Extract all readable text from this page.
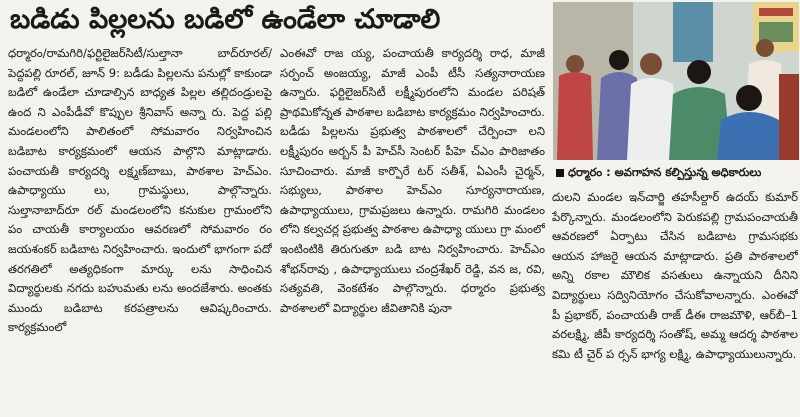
బడిడు పిల్లలను బడిలో ఉండేలా చూడాలి

ధర్మారం/రామగిరి/ఫర్టిలైజర్‌సిటీ/సుల్తానా బాద్‌రూరల్/ పెద్దపల్లి రూరల్, జూన్ 9: బడీడు పిల్లలను పనుల్లో కాకుండా బడిలో ఉండేలా చూడాల్సిన బాధ్యత పిల్లల తల్లిదండ్రులపై ఉంద ని ఎంపీడీవో కొప్పుల శ్రీనివాస్ అన్నా రు. పెద్ద పల్లి మండలంలోని పాలితంలో సోమవారం నిర్వహించిన బడిబాట కార్యక్రమంలో ఆయన పాల్గొని మాట్లాడారు. పంచాయతీ కార్యదర్శి లక్ష్మణ్‌బాబు, పాఠశాల హెచ్‌ఎం. ఉపాధ్యాయు లు, గ్రామస్థులు, పాల్గొన్నారు. సుల్తానాబాద్‌రూ రల్ మండలంలోని కనుకుల గ్రామంలోని పం చాయతీ కార్యాలయం ఆవరణలో సోమవారం రం జయశంకర్ బడిబాట నిర్వహించారు. ఇందులో భాగంగా పదో తరగతిలో అత్యధికంగా మార్కు లను సాధించిన విద్యార్థులకు నగదు బహుమతు లను అందజేశారు. అంతకు ముందు బడిబాట కరపత్రాలను ఆవిష్కరించారు. కార్యక్రమంలో

ఎంఈవో రాజ య్య, పంచాయతీ కార్యదర్శి రాధ, మాజీ సర్పంచ్ అంజయ్య, మాజీ ఎంపీ టీసీ సత్యనారాయణ ఉన్నారు. ఫర్టిలైజర్‌సిటీ లక్ష్మీపురంలోని మండల పరిషత్ ప్రాథమికోన్నత పాఠశాల బడిబాట కార్యక్రమం నిర్వహించారు. బడీడు పిల్లలను ప్రభుత్వ పాఠశాలలో చేర్పించా లని లక్ష్మీపురం అర్బన్ పీ హెచ్‌సీ సెంటర్ పీహె చ్‌ఎం పారిజాతం సూచించారు. మాజీ కార్పొరే టర్ సతీశ్, ఏఎంసీ చైర్మన్, సభ్యులు, పాఠశాల హెచ్‌ఎం సూర్యనారాయణ, ఉపాధ్యాయులు, గ్రామప్రజలు ఉన్నారు. రామగిరి మండలం లోని కల్వచర్ల ప్రభుత్వ పాఠశాల ఉపాధ్యా యులు గ్రా మంలో ఇంటింటికి తిరుగుతూ బడి బాట నిర్వహించారు. హెచ్‌ఎం శోభన్‌రావు , ఉపాధ్యాయులు చంద్రశేఖర్ రెడ్డి, వన జ, రవి, సత్యవతి, వెంకటేశం పాల్గొన్నారు. ధర్మారం ప్రభుత్వ పాఠశాలలో విద్యార్థుల జీవితానికి పునా

ధర్మారం : అవగాహన కల్పిస్తున్న అధికారులు

దులని మండల ఇన్‌చార్జి తహసీల్దార్ ఉదయ్ కుమార్ పేర్కొన్నారు. మండలంలోని పెరుకపల్లి గ్రామపంచాయతీ ఆవరణలో ఏర్పాటు చేసిన బడిబాట గ్రామసభకు ఆయన హాజరై ఆయన మాట్లాడారు. ప్రతి పాఠశాలలో అన్ని రకాల మౌలిక వసతులు ఉన్నాయని దీనిని విద్యార్థులు సద్వినియోగం చేసుకోవాలన్నారు. ఎంఈవో పీ ప్రభాకర్, పంచాయతీ రాజ్ డీఈ రాజమౌళి, ఆర్‌బీ–1 వరలక్ష్మి, జీపీ కార్యదర్శి సంతోష్, అమ్మ ఆదర్శ పాఠశాల కమి టీ చైర్ ప ర్సన్ భాగ్య లక్ష్మి, ఉపాధ్యాయులున్నారు.
